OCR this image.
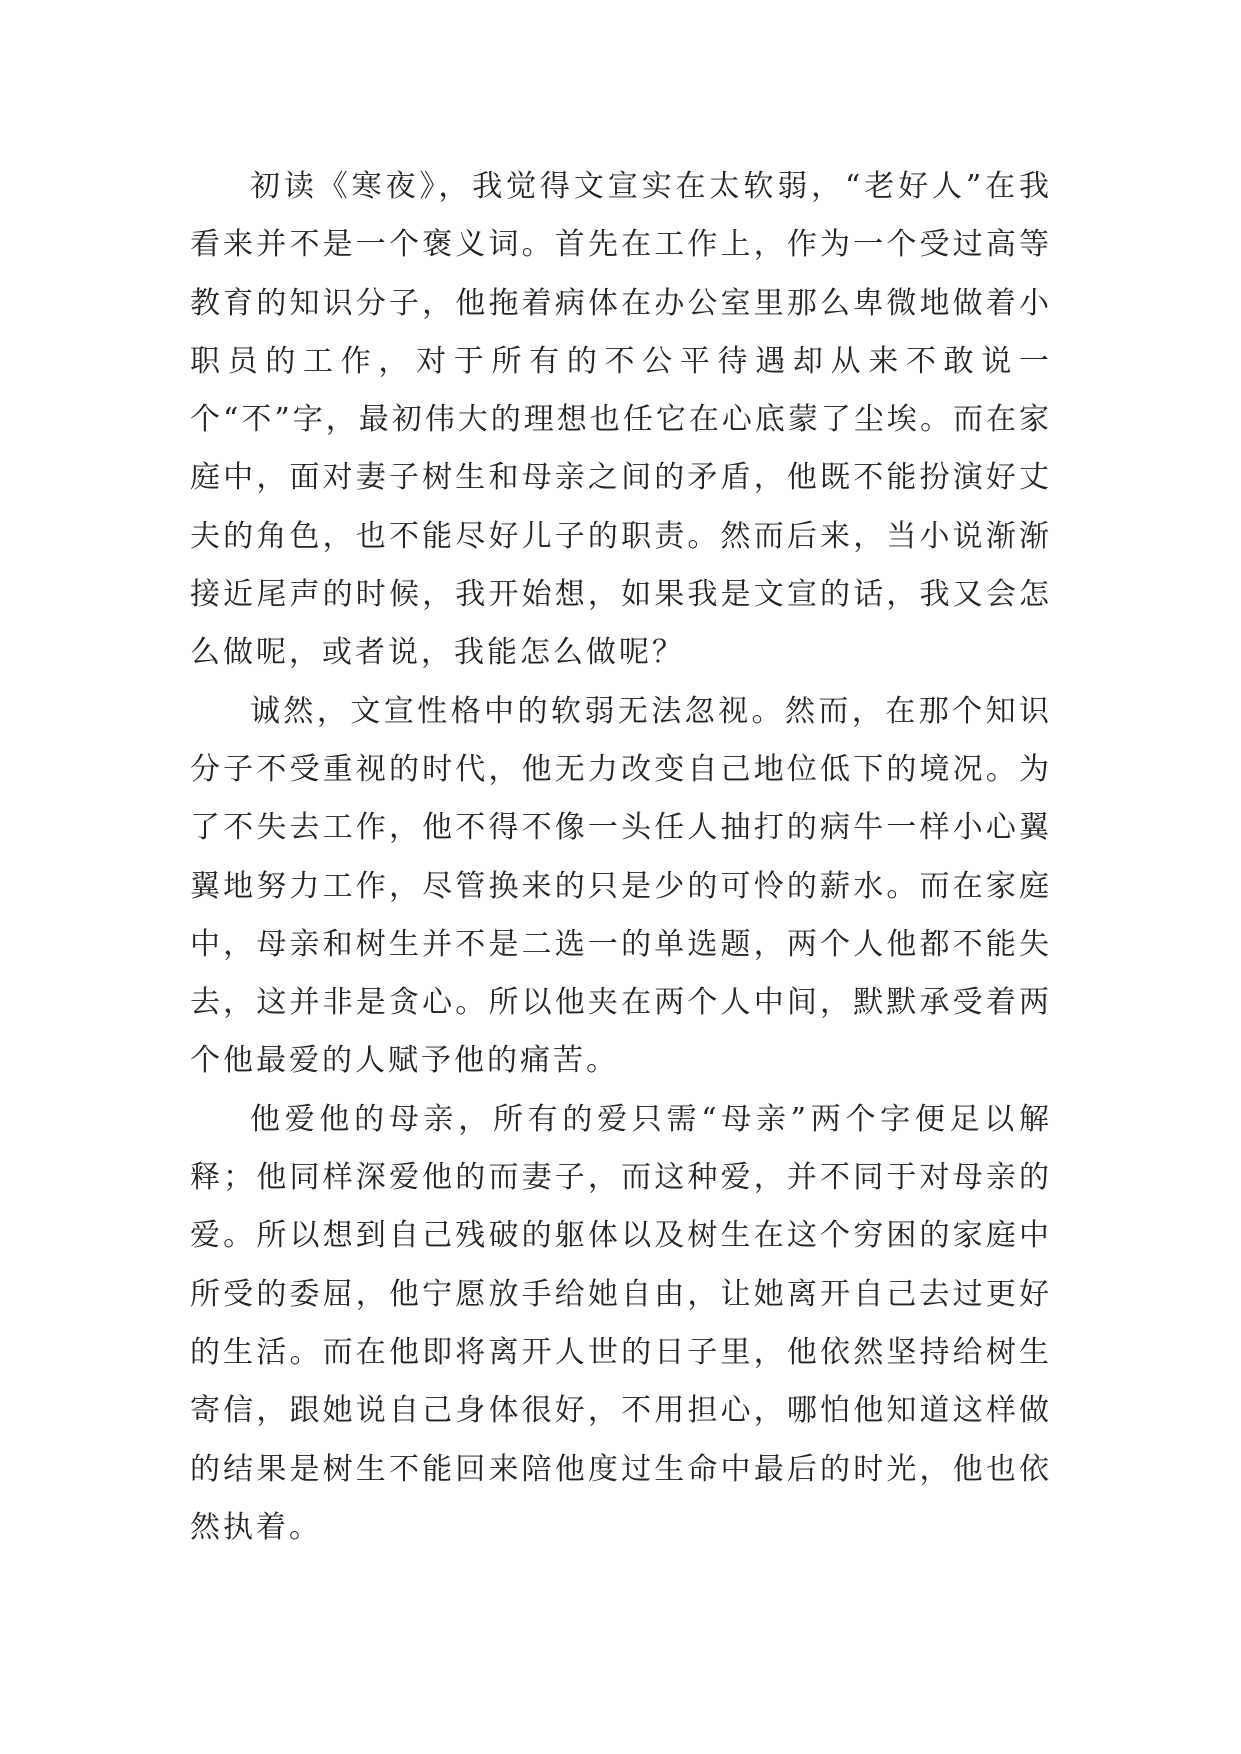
初读《寒夜》，我觉得文宣实在太软弱，“老好人”在我看来并不是一个褒义词。首先在工作上，作为一个受过高等教育的知识分子，他拖着病体在办公室里那么卑微地做着小职员的工作，对于所有的不公平待遇却从来不敢说一个“不”字，最初伟大的理想也任它在心底蒙了尘埃。而在家庭中，面对妻子树生和母亲之间的矛盾，他既不能扮演好丈夫的角色，也不能尽好儿子的职责。然而后来，当小说渐渐接近尾声的时候，我开始想，如果我是文宣的话，我又会怎么做呢，或者说，我能怎么做呢？

诚然，文宣性格中的软弱无法忽视。然而，在那个知识分子不受重视的时代，他无力改变自己地位低下的境况。为了不失去工作，他不得不像一头任人抽打的病牛一样小心翼翼地努力工作，尽管换来的只是少的可怜的薪水。而在家庭中，母亲和树生并不是二选一的单选题，两个人他都不能失去，这并非是贪心。所以他夹在两个人中间，默默承受着两个他最爱的人赋予他的痛苦。

他爱他的母亲，所有的爱只需“母亲”两个字便足以解释；他同样深爱他的而妻子，而这种爱，并不同于对母亲的爱。所以想到自己残破的躯体以及树生在这个穷困的家庭中所受的委屈，他宁愿放手给她自由，让她离开自己去过更好的生活。而在他即将离开人世的日子里，他依然坚持给树生寄信，跟她说自己身体很好，不用担心，哪怕他知道这样做的结果是树生不能回来陪他度过生命中最后的时光，他也依然执着。
